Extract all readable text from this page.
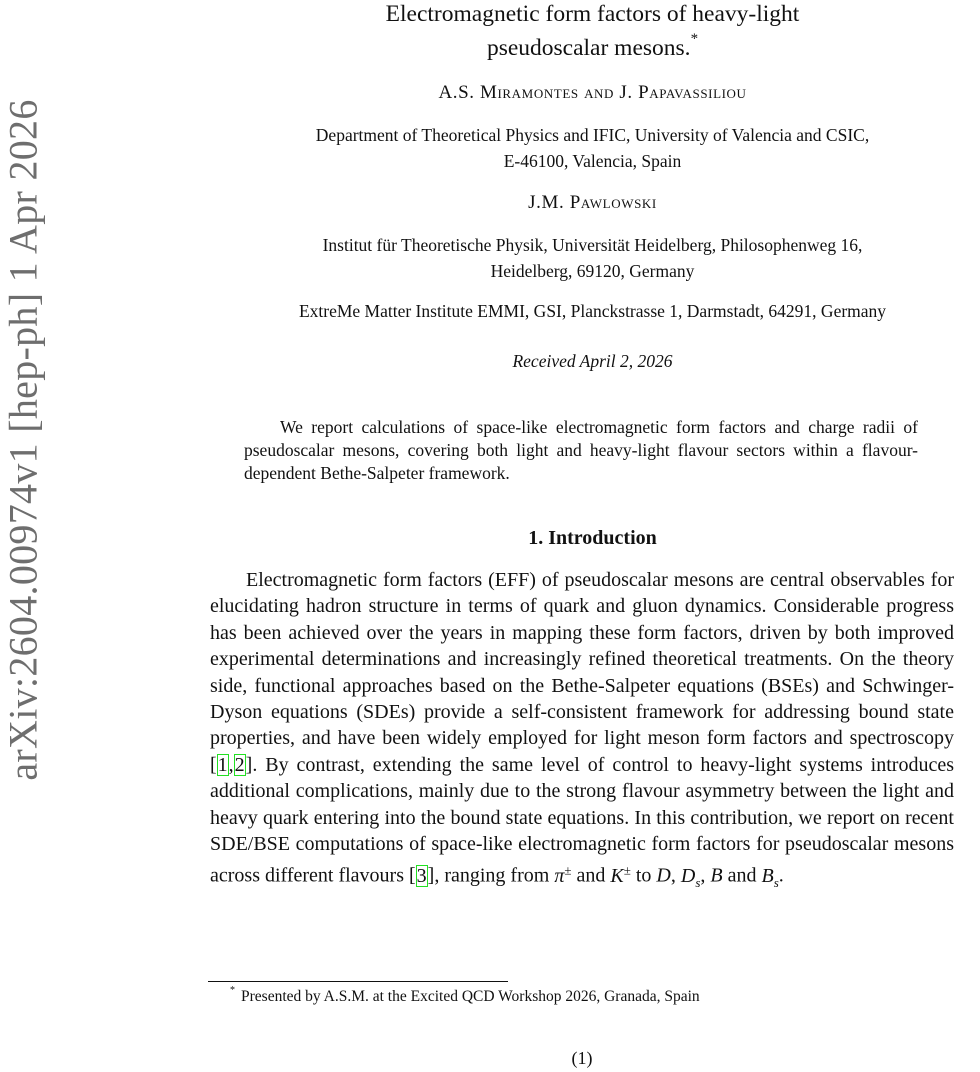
arXiv:2604.00974v1 [hep-ph] 1 Apr 2026
Electromagnetic form factors of heavy-light
pseudoscalar mesons.*
A.S. Miramontes and J. Papavassiliou
Department of Theoretical Physics and IFIC, University of Valencia and CSIC,
E-46100, Valencia, Spain
J.M. Pawlowski
Institut für Theoretische Physik, Universität Heidelberg, Philosophenweg 16,
Heidelberg, 69120, Germany
ExtreMe Matter Institute EMMI, GSI, Planckstrasse 1, Darmstadt, 64291, Germany
Received April 2, 2026
We report calculations of space-like electromagnetic form factors and charge radii of pseudoscalar mesons, covering both light and heavy-light flavour sectors within a flavour-dependent Bethe-Salpeter framework.
1. Introduction
Electromagnetic form factors (EFF) of pseudoscalar mesons are central observables for elucidating hadron structure in terms of quark and gluon dynamics. Considerable progress has been achieved over the years in mapping these form factors, driven by both improved experimental determinations and increasingly refined theoretical treatments. On the theory side, functional approaches based on the Bethe-Salpeter equations (BSEs) and Schwinger-Dyson equations (SDEs) provide a self-consistent framework for addressing bound state properties, and have been widely employed for light meson form factors and spectroscopy [1,2]. By contrast, extending the same level of control to heavy-light systems introduces additional complications, mainly due to the strong flavour asymmetry between the light and heavy quark entering into the bound state equations. In this contribution, we report on recent SDE/BSE computations of space-like electromagnetic form factors for pseudoscalar mesons across different flavours [3], ranging from π± and K± to D, $D_s$, B and $B_s$.
* Presented by A.S.M. at the Excited QCD Workshop 2026, Granada, Spain
(1)
